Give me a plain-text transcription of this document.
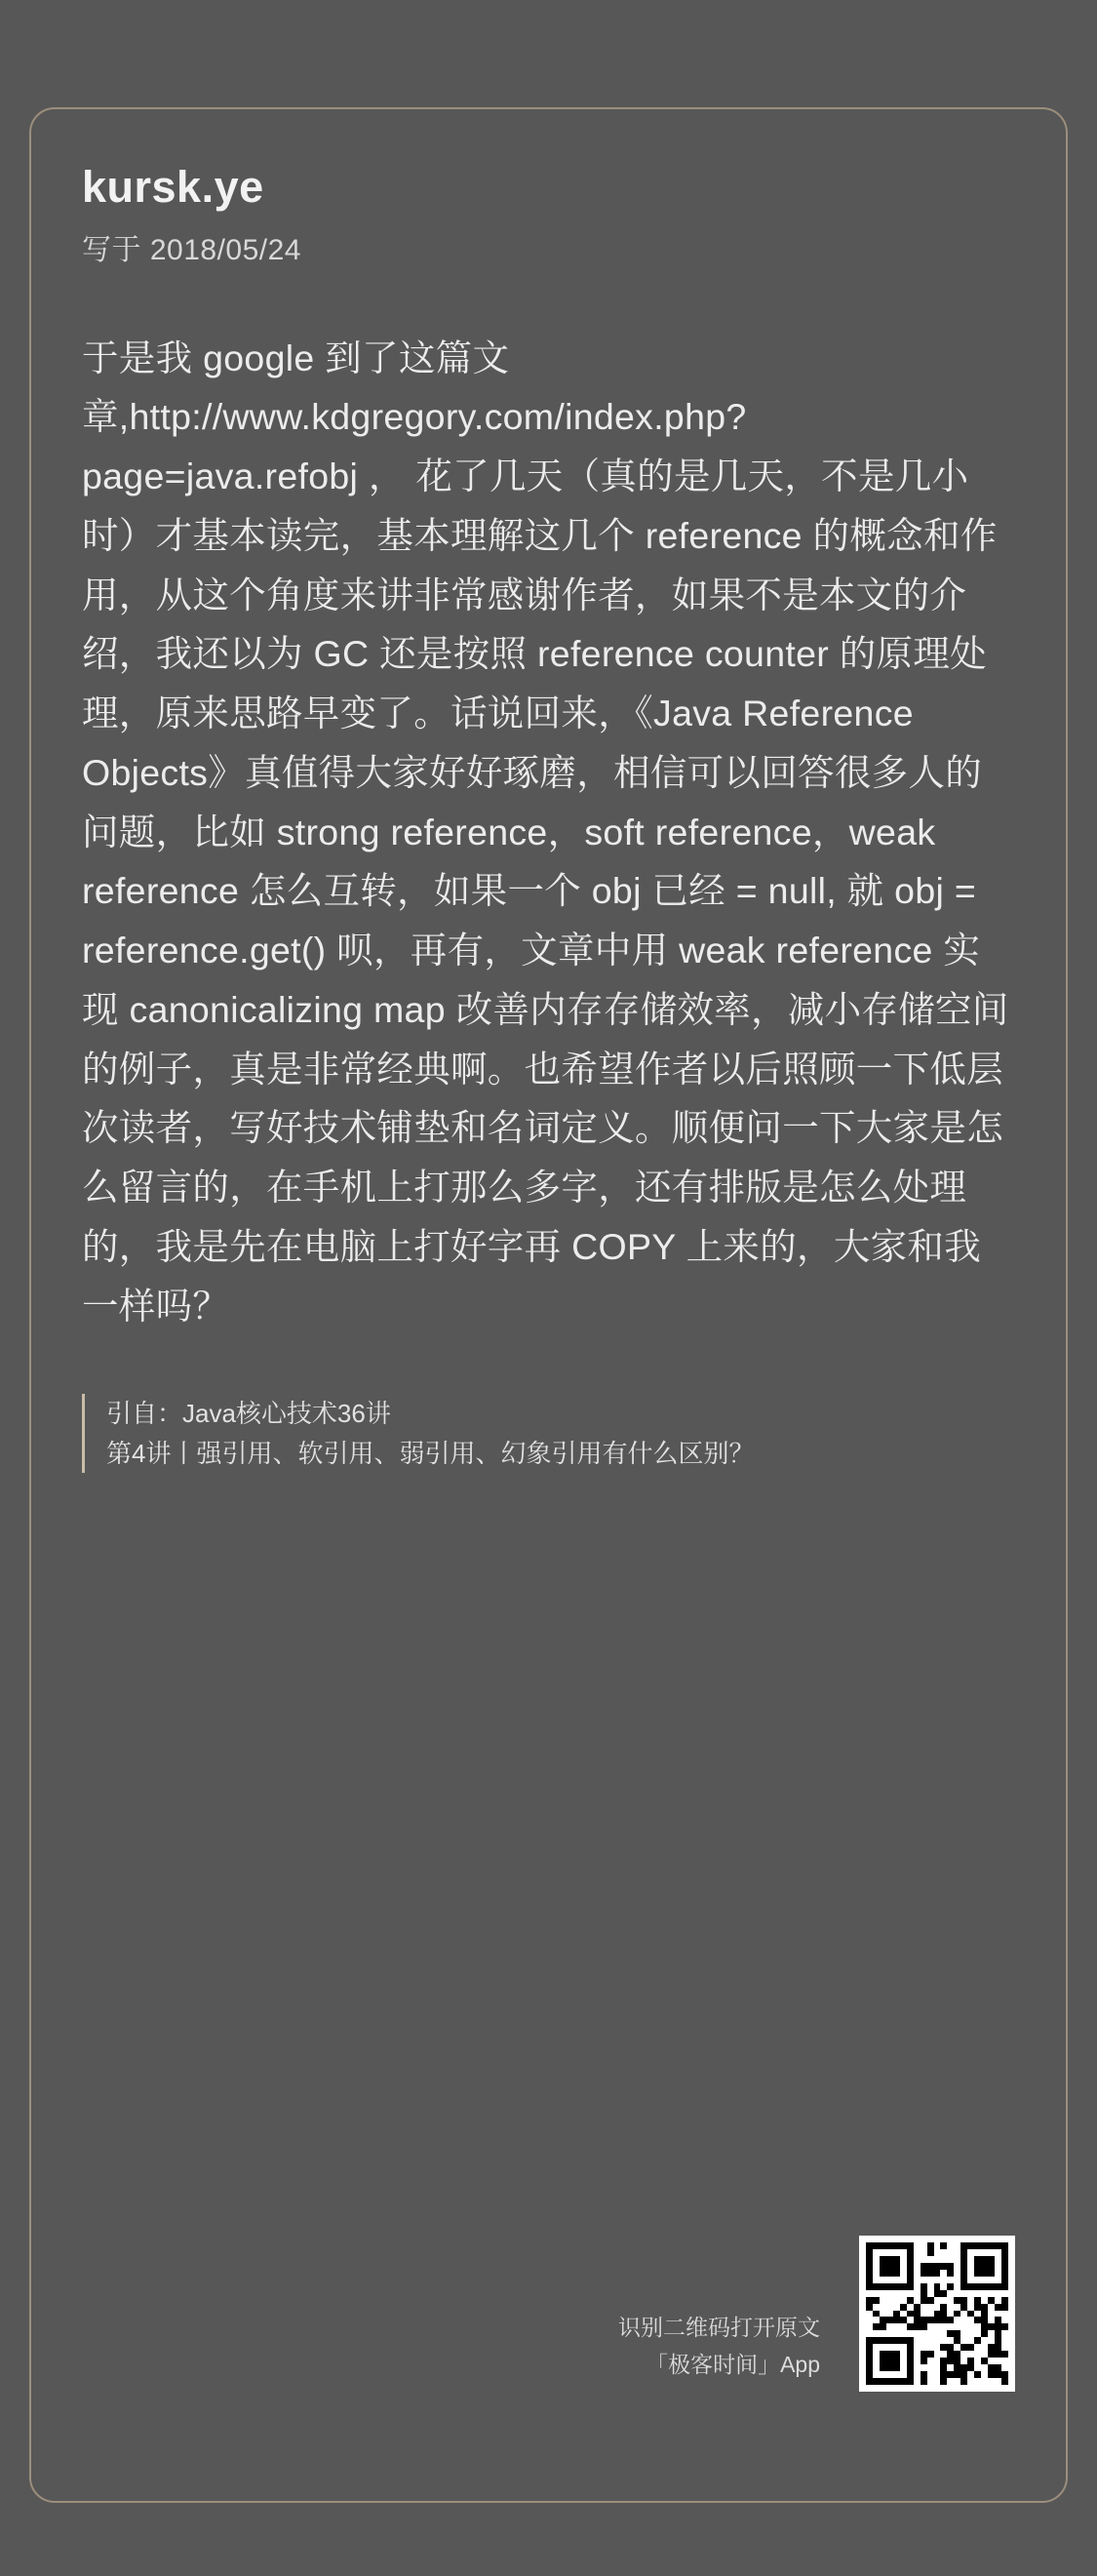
kursk.ye
写于 2018/05/24

于是我 google 到了这篇文章,http://www.kdgregory.com/index.php?page=java.refobj ， 花了几天（真的是几天，不是几小时）才基本读完，基本理解这几个 reference 的概念和作用，从这个角度来讲非常感谢作者，如果不是本文的介绍，我还以为 GC 还是按照 reference counter 的原理处理，原来思路早变了。话说回来，《Java Reference Objects》真值得大家好好琢磨，相信可以回答很多人的问题，比如 strong reference，soft reference，weak reference 怎么互转，如果一个 obj 已经 = null, 就 obj = reference.get() 呗，再有，文章中用 weak reference 实现 canonicalizing map 改善内存存储效率，减小存储空间的例子，真是非常经典啊。也希望作者以后照顾一下低层次读者，写好技术铺垫和名词定义。顺便问一下大家是怎么留言的，在手机上打那么多字，还有排版是怎么处理的，我是先在电脑上打好字再 COPY 上来的，大家和我一样吗？

引自：Java核心技术36讲
第4讲丨强引用、软引用、弱引用、幻象引用有什么区别？
识别二维码打开原文
「极客时间」App
